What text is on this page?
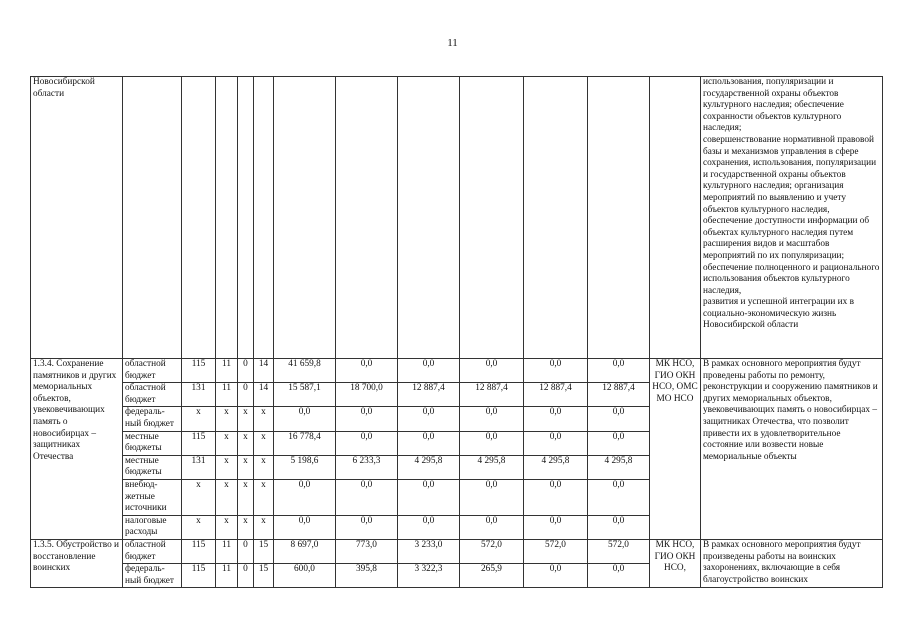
11
Новосибирской области													использования, популяризации и государственной охраны объектов культурного наследия; обеспечение сохранности объектов культурного наследия;
совершенствование нормативной правовой базы и механизмов управления в сфере сохранения, использования, популяризации и государственной охраны объектов культурного наследия; организация мероприятий по выявлению и учету объектов культурного наследия,
обеспечение доступности информации об объектах культурного наследия путем расширения видов и масштабов мероприятий по их популяризации;
обеспечение полноценного и рационального использования объектов культурного наследия,
развития и успешной интеграции их в социально-экономическую жизнь Новосибирской области
1.3.4. Сохранение памятников и других мемориальных объектов, увековечивающих память о новосибирцах – защитниках Отечества	областной бюджет	115	11	0	14	41 659,8	0,0	0,0	0,0	0,0	0,0	МК НСО, ГИО ОКН НСО, ОМС МО НСО	В рамках основного мероприятия будут проведены работы по ремонту, реконструкции и сооружению памятников и других мемориальных объектов, увековечивающих память о новосибирцах – защитниках Отечества, что позволит привести их в удовлетворительное состояние или возвести новые мемориальные объекты
	областной бюджет	131	11	0	14	15 587,1	18 700,0	12 887,4	12 887,4	12 887,4	12 887,4		
	федераль-ный бюджет	x	x	x	x	0,0	0,0	0,0	0,0	0,0	0,0		
	местные бюджеты	115	x	x	x	16 778,4	0,0	0,0	0,0	0,0	0,0		
	местные бюджеты	131	x	x	x	5 198,6	6 233,3	4 295,8	4 295,8	4 295,8	4 295,8		
	внебюд-жетные источники	x	x	x	x	0,0	0,0	0,0	0,0	0,0	0,0		
	налоговые расходы	x	x	x	x	0,0	0,0	0,0	0,0	0,0	0,0		
1.3.5. Обустройство и восстановление воинских	областной бюджет	115	11	0	15	8 697,0	773,0	3 233,0	572,0	572,0	572,0	МК НСО, ГИО ОКН НСО,	В рамках основного мероприятия будут произведены работы на воинских захоронениях, включающие в себя благоустройство воинских
	федераль-ный бюджет	115	11	0	15	600,0	395,8	3 322,3	265,9	0,0	0,0		
